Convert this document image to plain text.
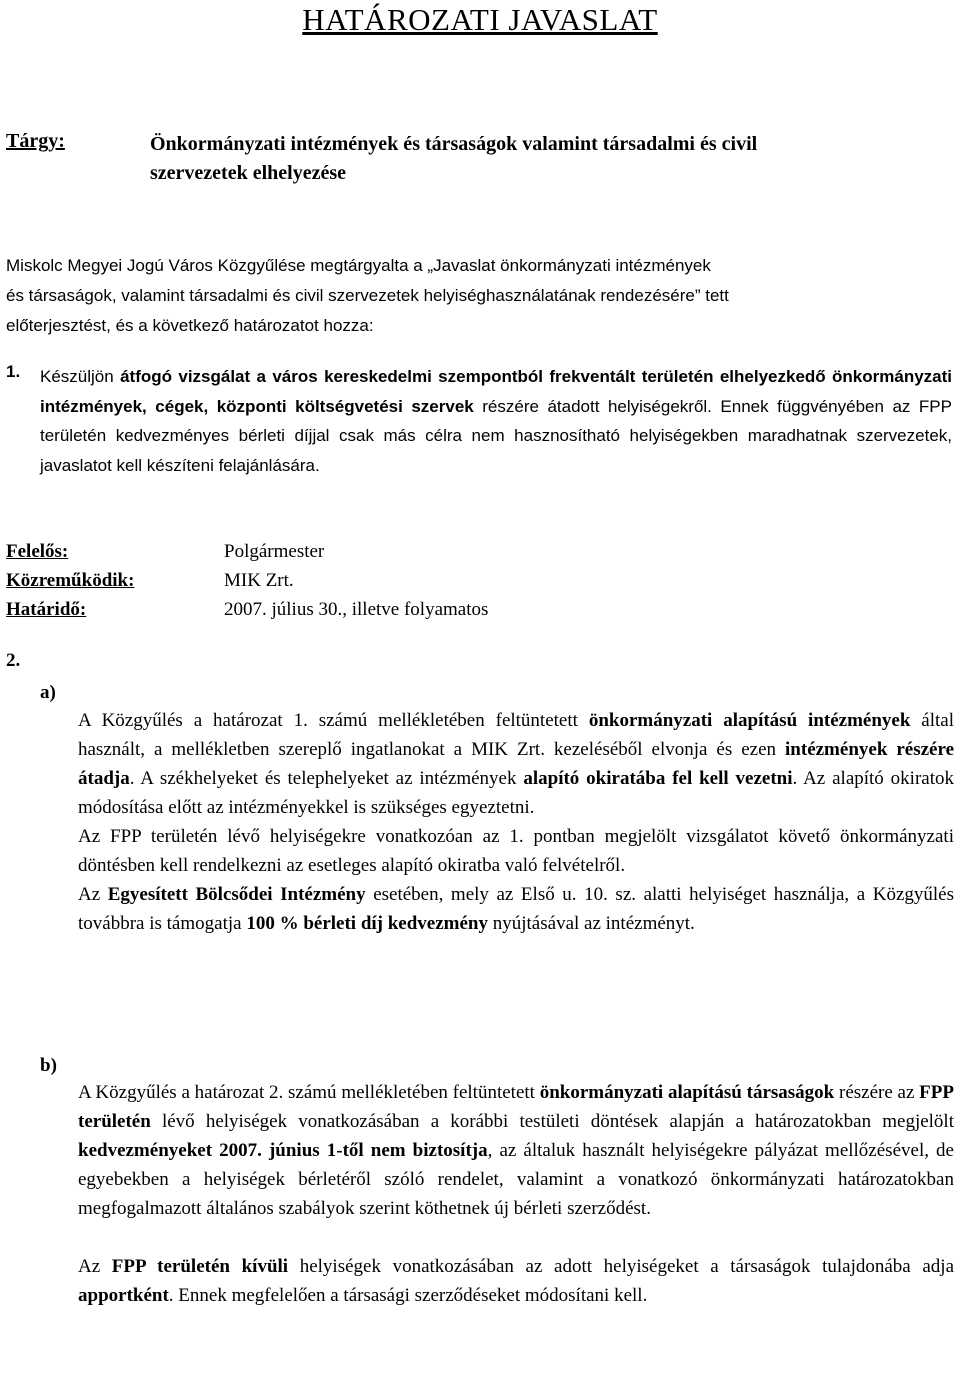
HATÁROZATI JAVASLAT
Tárgy:	Önkormányzati intézmények és társaságok valamint társadalmi és civil
szervezetek elhelyezése
Miskolc Megyei Jogú Város Közgyűlése megtárgyalta a „Javaslat önkormányzati intézmények
és társaságok, valamint társadalmi és civil szervezetek helyiséghasználatának rendezésére” tett
előterjesztést, és a következő határozatot hozza:
1. Készüljön átfogó vizsgálat a város kereskedelmi szempontból frekventált területén elhelyezkedő önkormányzati intézmények, cégek, központi költségvetési szervek részére átadott helyiségekről. Ennek függvényében az FPP területén kedvezményes bérleti díjjal csak más célra nem hasznosítható helyiségekben maradhatnak szervezetek, javaslatot kell készíteni felajánlására.

Felelős:	Polgármester
Közreműködik:	MIK Zrt.
Határidő:	2007. július 30., illetve folyamatos
2.
a)

A Közgyűlés a határozat 1. számú mellékletében feltüntetett önkormányzati alapítású intézmények által használt, a mellékletben szereplő ingatlanokat a MIK Zrt. kezeléséből elvonja és ezen intézmények részére átadja. A székhelyeket és telephelyeket az intézmények alapító okiratába fel kell vezetni. Az alapító okiratok módosítása előtt az intézményekkel is szükséges egyeztetni.

Az FPP területén lévő helyiségekre vonatkozóan az 1. pontban megjelölt vizsgálatot követő önkormányzati döntésben kell rendelkezni az esetleges alapító okiratba való felvételről.

Az Egyesített Bölcsődei Intézmény esetében, mely az Első u. 10. sz. alatti helyiséget használja, a Közgyűlés továbbra is támogatja 100 % bérleti díj kedvezmény nyújtásával az intézményt.

b)

A Közgyűlés a határozat 2. számú mellékletében feltüntetett önkormányzati alapítású társaságok részére az FPP területén lévő helyiségek vonatkozásában a korábbi testületi döntések alapján a határozatokban megjelölt kedvezményeket 2007. június 1-től nem biztosítja, az általuk használt helyiségekre pályázat mellőzésével, de egyebekben a helyiségek bérletéről szóló rendelet, valamint a vonatkozó önkormányzati határozatokban megfogalmazott általános szabályok szerint köthetnek új bérleti szerződést.

Az FPP területén kívüli helyiségek vonatkozásában az adott helyiségeket a társaságok tulajdonába adja apportként. Ennek megfelelően a társasági szerződéseket módosítani kell.
